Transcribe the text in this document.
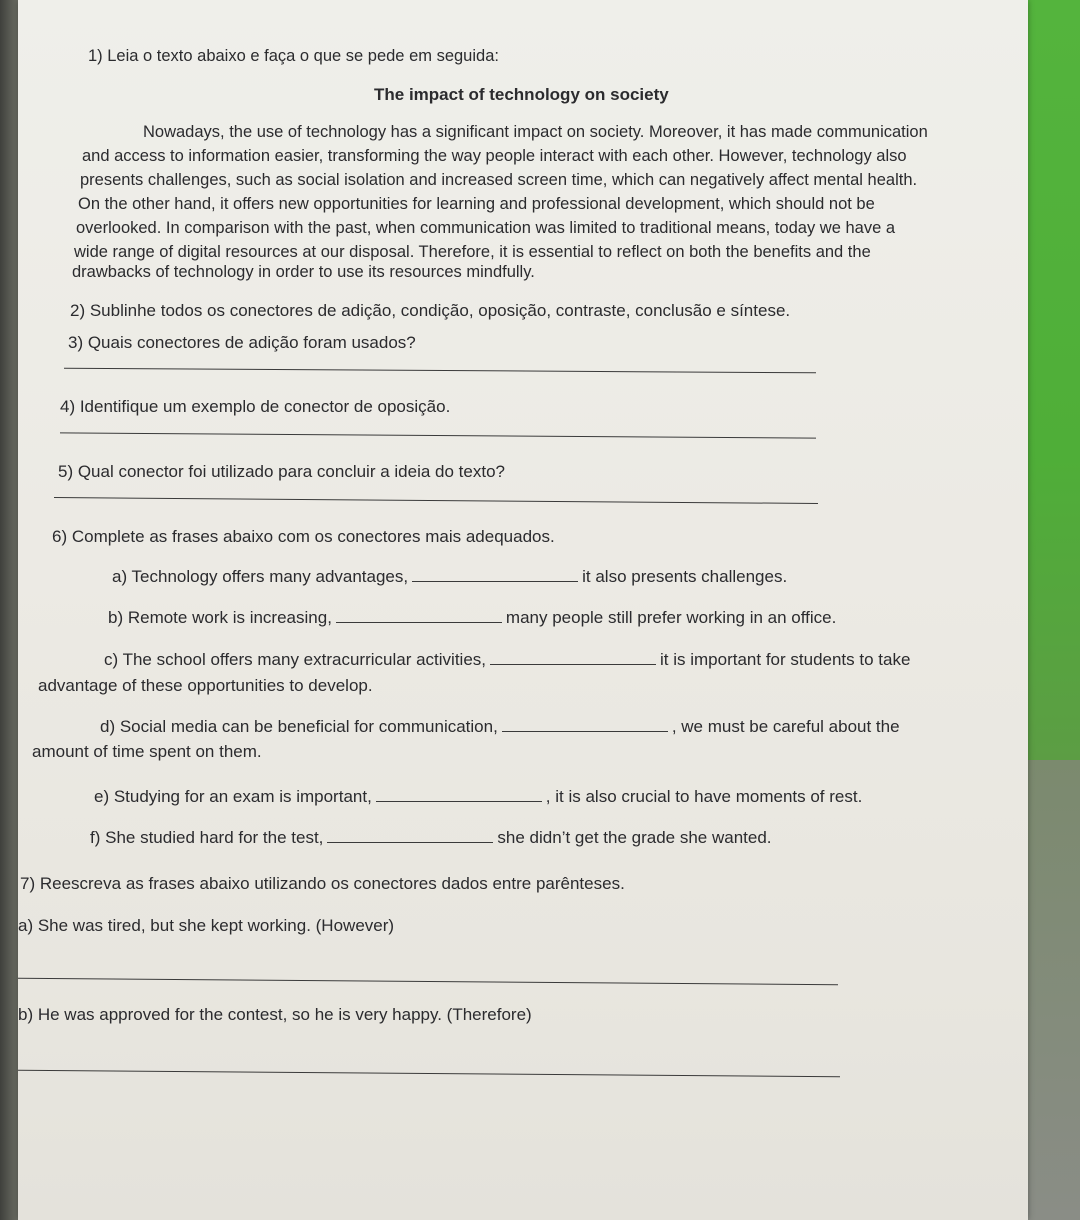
1) Leia o texto abaixo e faça o que se pede em seguida:
The impact of technology on society
Nowadays, the use of technology has a significant impact on society. Moreover, it has made communication
and access to information easier, transforming the way people interact with each other. However, technology also
presents challenges, such as social isolation and increased screen time, which can negatively affect mental health.
On the other hand, it offers new opportunities for learning and professional development, which should not be
overlooked. In comparison with the past, when communication was limited to traditional means, today we have a
wide range of digital resources at our disposal. Therefore, it is essential to reflect on both the benefits and the
drawbacks of technology in order to use its resources mindfully.
2) Sublinhe todos os conectores de adição, condição, oposição, contraste, conclusão e síntese.
3) Quais conectores de adição foram usados?
4) Identifique um exemplo de conector de oposição.
5) Qual conector foi utilizado para concluir a ideia do texto?
6) Complete as frases abaixo com os conectores mais adequados.
a) Technology offers many advantages,	it also presents challenges.
b) Remote work is increasing,	many people still prefer working in an office.
c) The school offers many extracurricular activities,	it is important for students to take
advantage of these opportunities to develop.
d) Social media can be beneficial for communication,	, we must be careful about the
amount of time spent on them.
e) Studying for an exam is important,	, it is also crucial to have moments of rest.
f) She studied hard for the test,	she didn’t get the grade she wanted.
7) Reescreva as frases abaixo utilizando os conectores dados entre parênteses.
a) She was tired, but she kept working. (However)
b) He was approved for the contest, so he is very happy. (Therefore)
